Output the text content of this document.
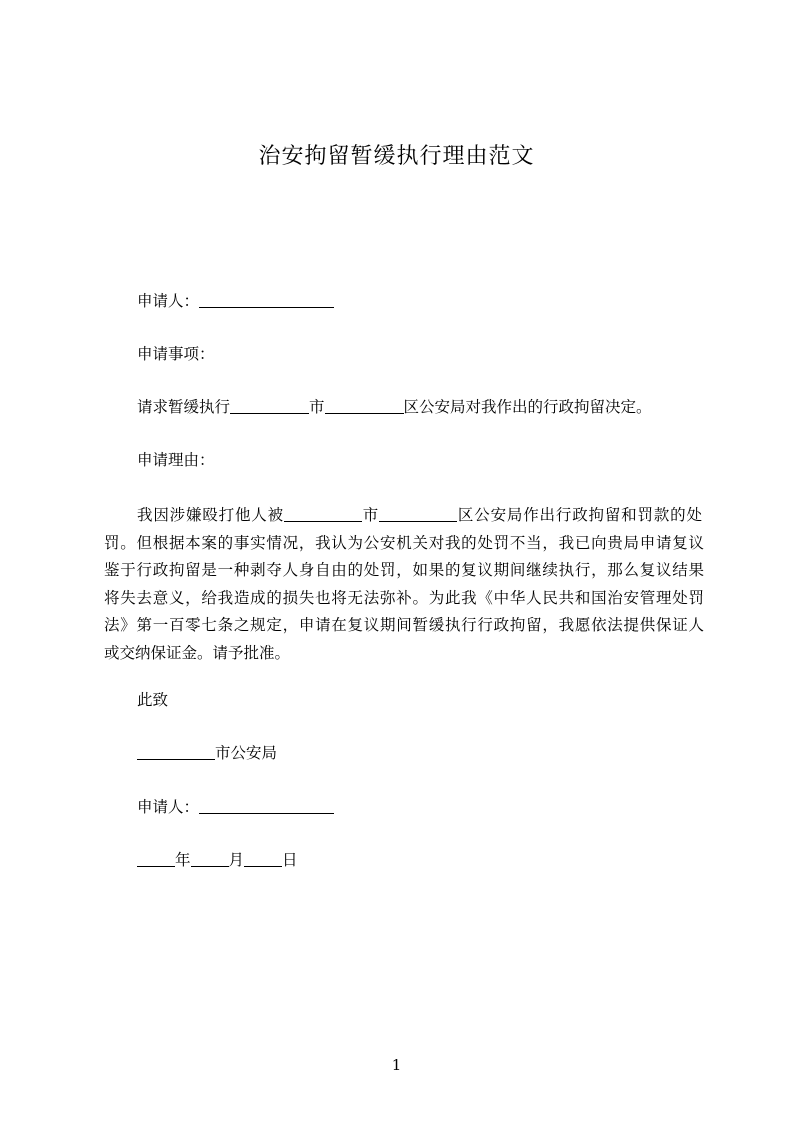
治安拘留暂缓执行理由范文
申请人：
申请事项：
请求暂缓执行	市	区公安局对我作出的行政拘留决定。
申请理由：
我因涉嫌殴打他人被	市	区公安局作出行政拘留和罚款的处
罚。但根据本案的事实情况，我认为公安机关对我的处罚不当，我已向贵局申请复议
鉴于行政拘留是一种剥夺人身自由的处罚，如果的复议期间继续执行，那么复议结果
将失去意义，给我造成的损失也将无法弥补。为此我《中华人民共和国治安管理处罚
法》第一百零七条之规定，申请在复议期间暂缓执行行政拘留，我愿依法提供保证人
或交纳保证金。请予批准。
此致
市公安局
申请人：
年 月 日
1
